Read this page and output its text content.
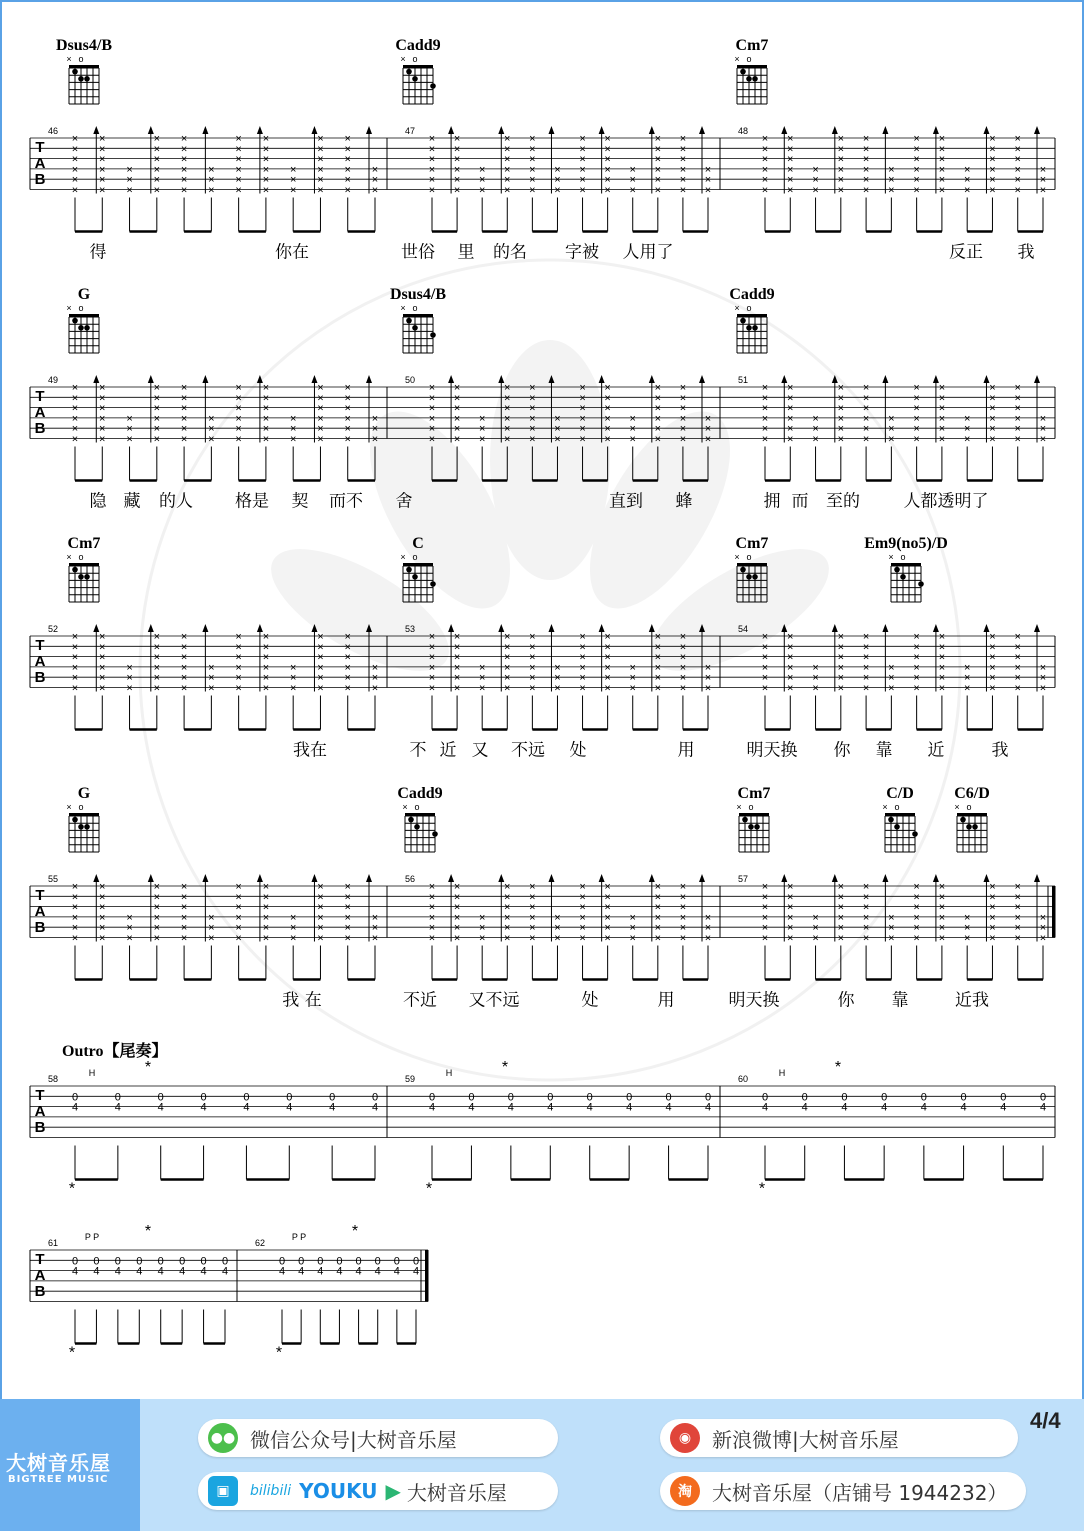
T
A
B
46	47	48
×
×
×
×
×
×
×
×
×
×
×
×
×
×
×
×
×
×
×
×
×
×
×
×
×
×
×
×
×
×
×
×
×
×
×
×
×
×
×
×
×
×
×
×
×
×
×
×
×
×
×
×
×
×
×
×
×
×
×
×
×
×
×
×
×
×
×
×
×
×
×
×
×
×
×
×
×
×
×
×
×
×
×
×
×
×
×
×
×
×
×
×
×
×
×
×
×
×
×
×
×
×
×
×
×
×
×
×
×
×
×
×
×
×
×
×
×
×
×
×
×
×
×
×
×
×
×
×
×
×
×
×
×
×
×
×
×
×
×
×
×
×
×
×
×
×
×
×
×
×
×
×
×
×
×
×
×
×
×
×
×
×
×
×
×
×
×
×
×
×
×
×
×
×
×
×
×
×
×
×
Dsus4/B
× o
Cadd9
× o
Cm7
× o
得	你在	世俗 里 的名 字被 人用了	反正 我
T
A
B
49	50	51
×
×
×
×
×
×
×
×
×
×
×
×
×
×
×
×
×
×
×
×
×
×
×
×
×
×
×
×
×
×
×
×
×
×
×
×
×
×
×
×
×
×
×
×
×
×
×
×
×
×
×
×
×
×
×
×
×
×
×
×
×
×
×
×
×
×
×
×
×
×
×
×
×
×
×
×
×
×
×
×
×
×
×
×
×
×
×
×
×
×
×
×
×
×
×
×
×
×
×
×
×
×
×
×
×
×
×
×
×
×
×
×
×
×
×
×
×
×
×
×
×
×
×
×
×
×
×
×
×
×
×
×
×
×
×
×
×
×
×
×
×
×
×
×
×
×
×
×
×
×
×
×
×
×
×
×
×
×
×
×
×
×
×
×
×
×
×
×
×
×
×
×
×
×
×
×
×
×
×
×
G
× o
Dsus4/B
× o
Cadd9
× o
隐 藏 的人 格是 契 而不 舍	直到 蜂	拥 而 至的	人都透明了
T
A
B
52	53	54
×
×
×
×
×
×
×
×
×
×
×
×
×
×
×
×
×
×
×
×
×
×
×
×
×
×
×
×
×
×
×
×
×
×
×
×
×
×
×
×
×
×
×
×
×
×
×
×
×
×
×
×
×
×
×
×
×
×
×
×
×
×
×
×
×
×
×
×
×
×
×
×
×
×
×
×
×
×
×
×
×
×
×
×
×
×
×
×
×
×
×
×
×
×
×
×
×
×
×
×
×
×
×
×
×
×
×
×
×
×
×
×
×
×
×
×
×
×
×
×
×
×
×
×
×
×
×
×
×
×
×
×
×
×
×
×
×
×
×
×
×
×
×
×
×
×
×
×
×
×
×
×
×
×
×
×
×
×
×
×
×
×
×
×
×
×
×
×
×
×
×
×
×
×
×
×
×
×
×
×
Cm7
× o
C
× o
Cm7
× o
Em9(no5)/D
× o
我在	不 近 又 不远 处	用	明天换 你 靠 近	我
T
A
B
55	56	57
×
×
×
×
×
×
×
×
×
×
×
×
×
×
×
×
×
×
×
×
×
×
×
×
×
×
×
×
×
×
×
×
×
×
×
×
×
×
×
×
×
×
×
×
×
×
×
×
×
×
×
×
×
×
×
×
×
×
×
×
×
×
×
×
×
×
×
×
×
×
×
×
×
×
×
×
×
×
×
×
×
×
×
×
×
×
×
×
×
×
×
×
×
×
×
×
×
×
×
×
×
×
×
×
×
×
×
×
×
×
×
×
×
×
×
×
×
×
×
×
×
×
×
×
×
×
×
×
×
×
×
×
×
×
×
×
×
×
×
×
×
×
×
×
×
×
×
×
×
×
×
×
×
×
×
×
×
×
×
×
×
×
×
×
×
×
×
×
×
×
×
×
×
×
×
×
×
×
×
×
G
× o
Cadd9
× o
Cm7
× o
C/D
× o
C6/D
× o
我 在	不近 又不远	处	用	明天换	你 靠	近我
T
A
B
58	59	60
0
4
0
4
0
4
0
4
0
4
0
4
0
4
0
4
0
4
0
4
0
4
0
4
0
4
0
4
0
4
0
4
0
4
0
4
0
4
0
4
0
4
0
4
0
4
0
4
H	*
*
H	*
*
H	*
*
Outro【尾奏】
T
A
B
61	62
0
4
0
4
0
4
0
4
0
4
0
4
0
4
0
4
0
4
0
4
0
4
0
4
0
4
0
4
0
4
0
4
P P	*
*
P P	*
*
大树音乐屋
BIGTREE MUSIC
●● 微信公众号|大树音乐屋	◉	新浪微博|大树音乐屋
▣	bilibili YOUKU ▶ 大树音乐屋	淘	大树音乐屋（店铺号 1944232）
4/4
